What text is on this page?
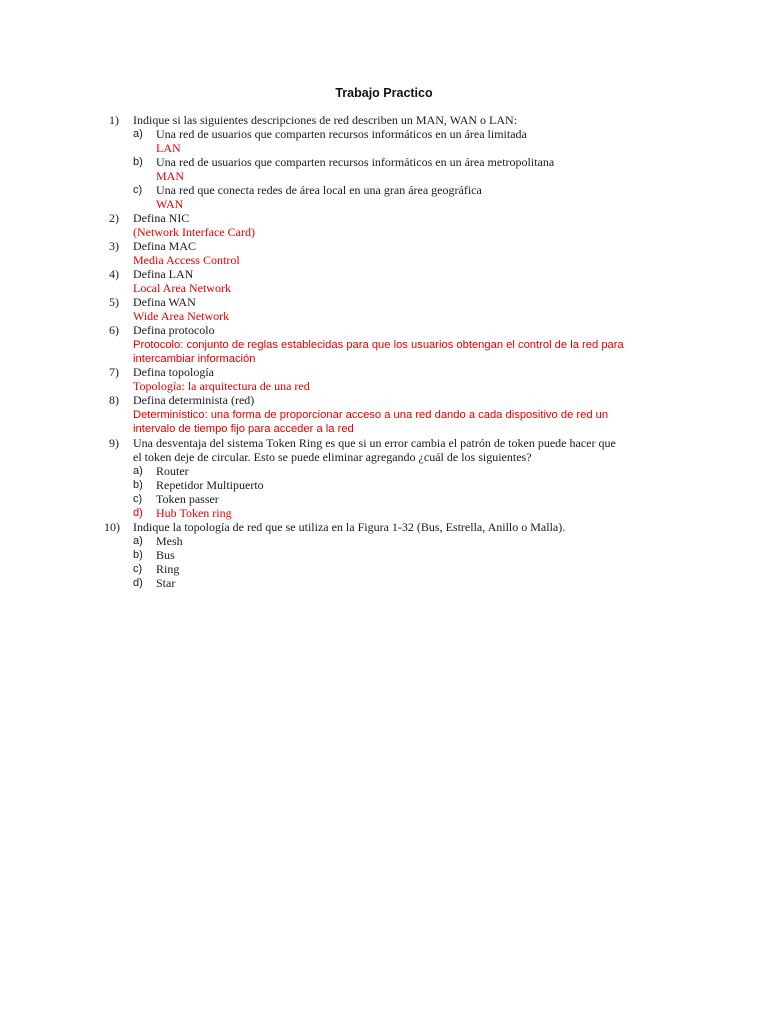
Trabajo Practico
1) Indique si las siguientes descripciones de red describen un MAN, WAN o LAN:
a) Una red de usuarios que comparten recursos informáticos en un área limitada
LAN
b) Una red de usuarios que comparten recursos informáticos en un área metropolitana
MAN
c) Una red que conecta redes de área local en una gran área geográfica
WAN
2) Defina NIC
(Network Interface Card)
3) Defina MAC
Media Access Control
4) Defina LAN
Local Area Network
5) Defina WAN
Wide Area Network
6) Defina protocolo
Protocolo: conjunto de reglas establecidas para que los usuarios obtengan el control de la red para
intercambiar información
7) Defina topología
Topología: la arquitectura de una red
8) Defina determinista (red)
Determinístico: una forma de proporcionar acceso a una red dando a cada dispositivo de red un
intervalo de tiempo fijo para acceder a la red
9) Una desventaja del sistema Token Ring es que si un error cambia el patrón de token puede hacer que
el token deje de circular. Esto se puede eliminar agregando ¿cuál de los siguientes?
a) Router
b) Repetidor Multipuerto
c) Token passer
d) Hub Token ring
10) Indique la topología de red que se utiliza en la Figura 1-32 (Bus, Estrella, Anillo o Malla).
a) Mesh
b) Bus
c) Ring
d) Star
